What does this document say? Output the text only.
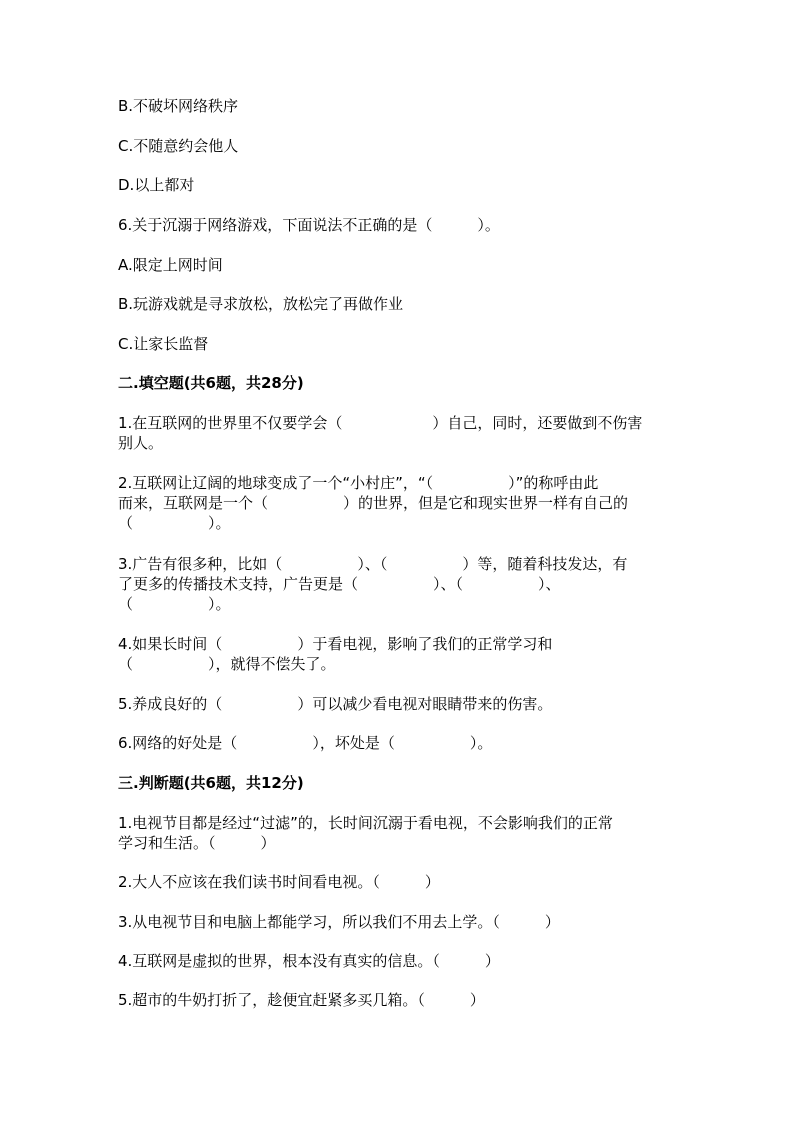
B.不破坏网络秩序
C.不随意约会他人
D.以上都对
6.关于沉溺于网络游戏，下面说法不正确的是（　　　）。
A.限定上网时间
B.玩游戏就是寻求放松，放松完了再做作业
C.让家长监督
二.填空题(共6题，共28分)
1.在互联网的世界里不仅要学会（　　　　　　）自己，同时，还要做到不伤害
别人。
2.互联网让辽阔的地球变成了一个“小村庄”，“（　　　　　）”的称呼由此
而来，互联网是一个（　　　　　）的世界，但是它和现实世界一样有自己的
（　　　　　）。
3.广告有很多种，比如（　　　　　）、（　　　　　）等，随着科技发达，有
了更多的传播技术支持，广告更是（　　　　　）、（　　　　　）、
（　　　　　）。
4.如果长时间（　　　　　）于看电视，影响了我们的正常学习和
（　　　　　），就得不偿失了。
5.养成良好的（　　　　　）可以减少看电视对眼睛带来的伤害。
6.网络的好处是（　　　　　），坏处是（　　　　　）。
三.判断题(共6题，共12分)
1.电视节目都是经过“过滤”的，长时间沉溺于看电视，不会影响我们的正常
学习和生活。（　　　）
2.大人不应该在我们读书时间看电视。（　　　）
3.从电视节目和电脑上都能学习，所以我们不用去上学。（　　　）
4.互联网是虚拟的世界，根本没有真实的信息。（　　　）
5.超市的牛奶打折了，趁便宜赶紧多买几箱。（　　　）
